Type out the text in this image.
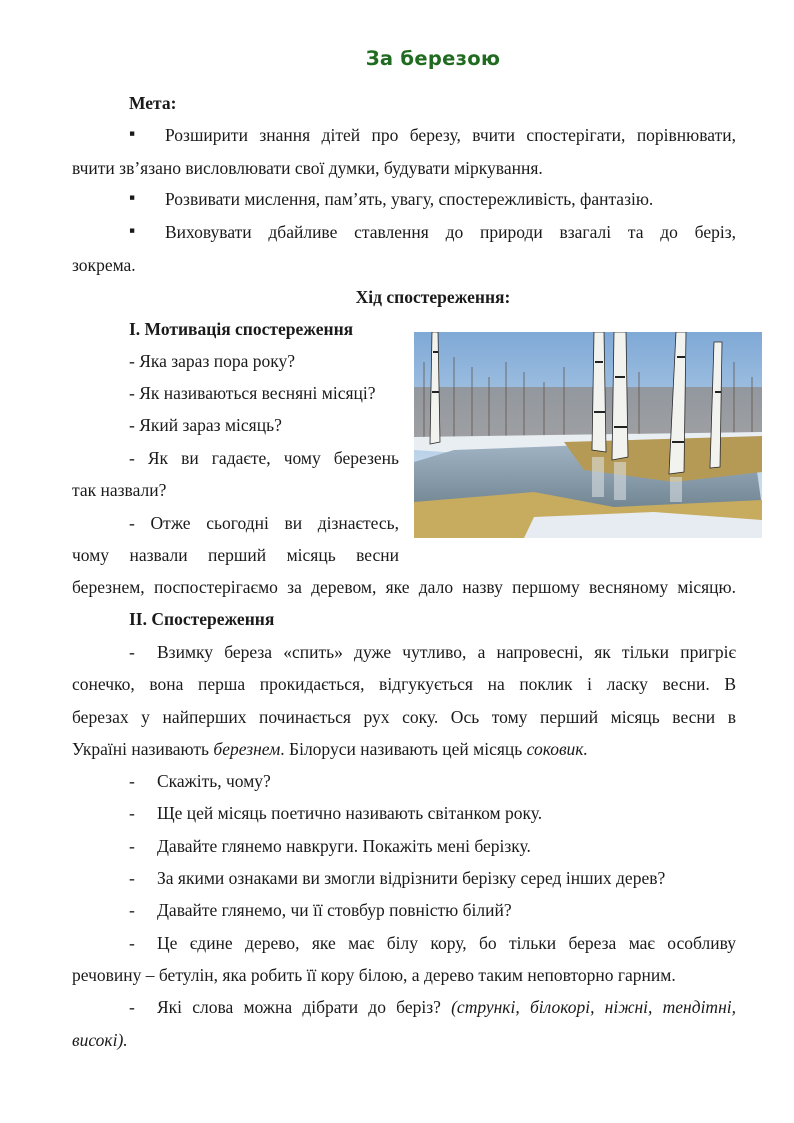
За березою
Мета:
▪ Розширити знання дітей про березу, вчити спостерігати, порівнювати,
вчити зв’язано висловлювати свої думки, будувати міркування.
▪ Розвивати мислення, пам’ять, увагу, спостережливість, фантазію.
▪ Виховувати дбайливе ставлення до природи взагалі та до беріз,
зокрема.
Хід спостереження:
І. Мотивація спостереження
- Яка зараз пора року?
- Як називаються весняні місяці?
- Який зараз місяць?
- Як ви гадаєте, чому березень
так назвали?
- Отже сьогодні ви дізнаєтесь,
чому назвали перший місяць весни
березнем, поспостерігаємо за деревом, яке дало назву першому весняному місяцю.
ІІ. Спостереження
- Взимку береза «спить» дуже чутливо, а напровесні, як тільки пригріє
сонечко, вона перша прокидається, відгукується на поклик і ласку весни. В
березах у найперших починається рух соку. Ось тому перший місяць весни в
Україні називають березнем. Білоруси називають цей місяць соковик.
- Скажіть, чому?
- Ще цей місяць поетично називають світанком року.
- Давайте глянемо навкруги. Покажіть мені берізку.
- За якими ознаками ви змогли відрізнити берізку серед інших дерев?
- Давайте глянемо, чи її стовбур повністю білий?
- Це єдине дерево, яке має білу кору, бо тільки береза має особливу
речовину – бетулін, яка робить її кору білою, а дерево таким неповторно гарним.
- Які слова можна дібрати до беріз? (стрункі, білокорі, ніжні, тендітні,
високі).
